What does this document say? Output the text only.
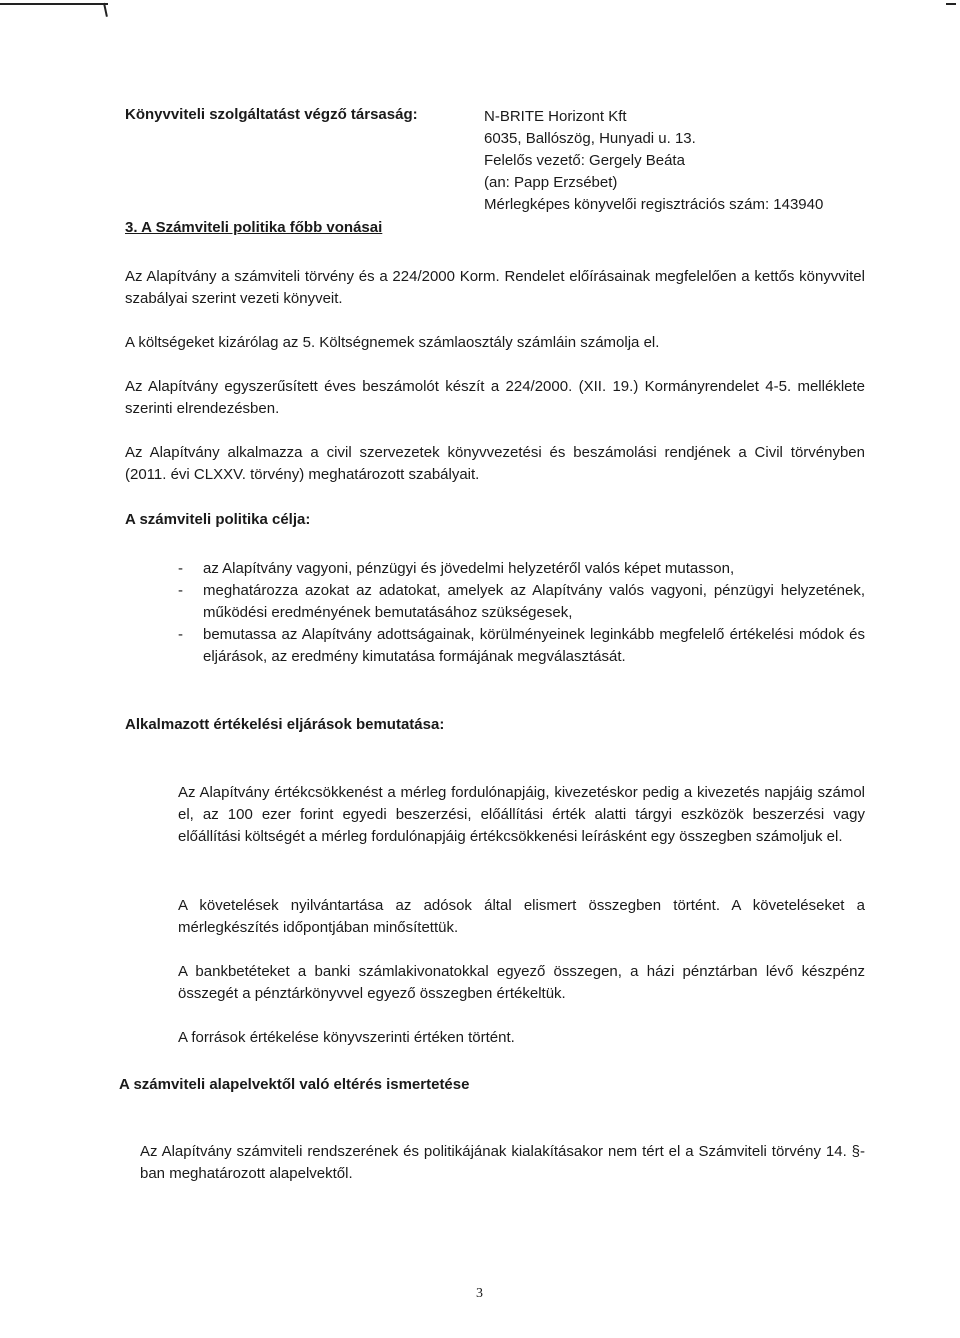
Könyvviteli szolgáltatást végző társaság:	N-BRITE Horizont Kft
6035, Ballószög, Hunyadi u. 13.
Felelős vezető: Gergely Beáta
(an: Papp Erzsébet)
Mérlegképes könyvelői regisztrációs szám: 143940
3. A Számviteli politika főbb vonásai
Az Alapítvány a számviteli törvény és a 224/2000 Korm. Rendelet előírásainak megfelelően a kettős könyvvitel szabályai szerint vezeti könyveit.
A költségeket kizárólag az 5. Költségnemek számlaosztály számláin számolja el.
Az Alapítvány egyszerűsített éves beszámolót készít a 224/2000. (XII. 19.) Kormányrendelet 4-5. melléklete szerinti elrendezésben.
Az Alapítvány alkalmazza a civil szervezetek könyvvezetési és beszámolási rendjének a Civil törvényben (2011. évi CLXXV. törvény) meghatározott szabályait.
A számviteli politika célja:
- az Alapítvány vagyoni, pénzügyi és jövedelmi helyzetéről valós képet mutasson,
- meghatározza azokat az adatokat, amelyek az Alapítvány valós vagyoni, pénzügyi helyzetének, működési eredményének bemutatásához szükségesek,
- bemutassa az Alapítvány adottságainak, körülményeinek leginkább megfelelő értékelési módok és eljárások, az eredmény kimutatása formájának megválasztását.
Alkalmazott értékelési eljárások bemutatása:
Az Alapítvány értékcsökkenést a mérleg fordulónapjáig, kivezetéskor pedig a kivezetés napjáig számol el, az 100 ezer forint egyedi beszerzési, előállítási érték alatti tárgyi eszközök beszerzési vagy előállítási költségét a mérleg fordulónapjáig értékcsökkenési leírásként egy összegben számoljuk el.
A követelések nyilvántartása az adósok által elismert összegben történt. A követeléseket a mérlegkészítés időpontjában minősítettük.
A bankbetéteket a banki számlakivonatokkal egyező összegen, a házi pénztárban lévő készpénz összegét a pénztárkönyvvel egyező összegben értékeltük.
A források értékelése könyvszerinti értéken történt.
A számviteli alapelvektől való eltérés ismertetése
Az Alapítvány számviteli rendszerének és politikájának kialakításakor nem tért el a Számviteli törvény 14. §-ban meghatározott alapelvektől.
3
